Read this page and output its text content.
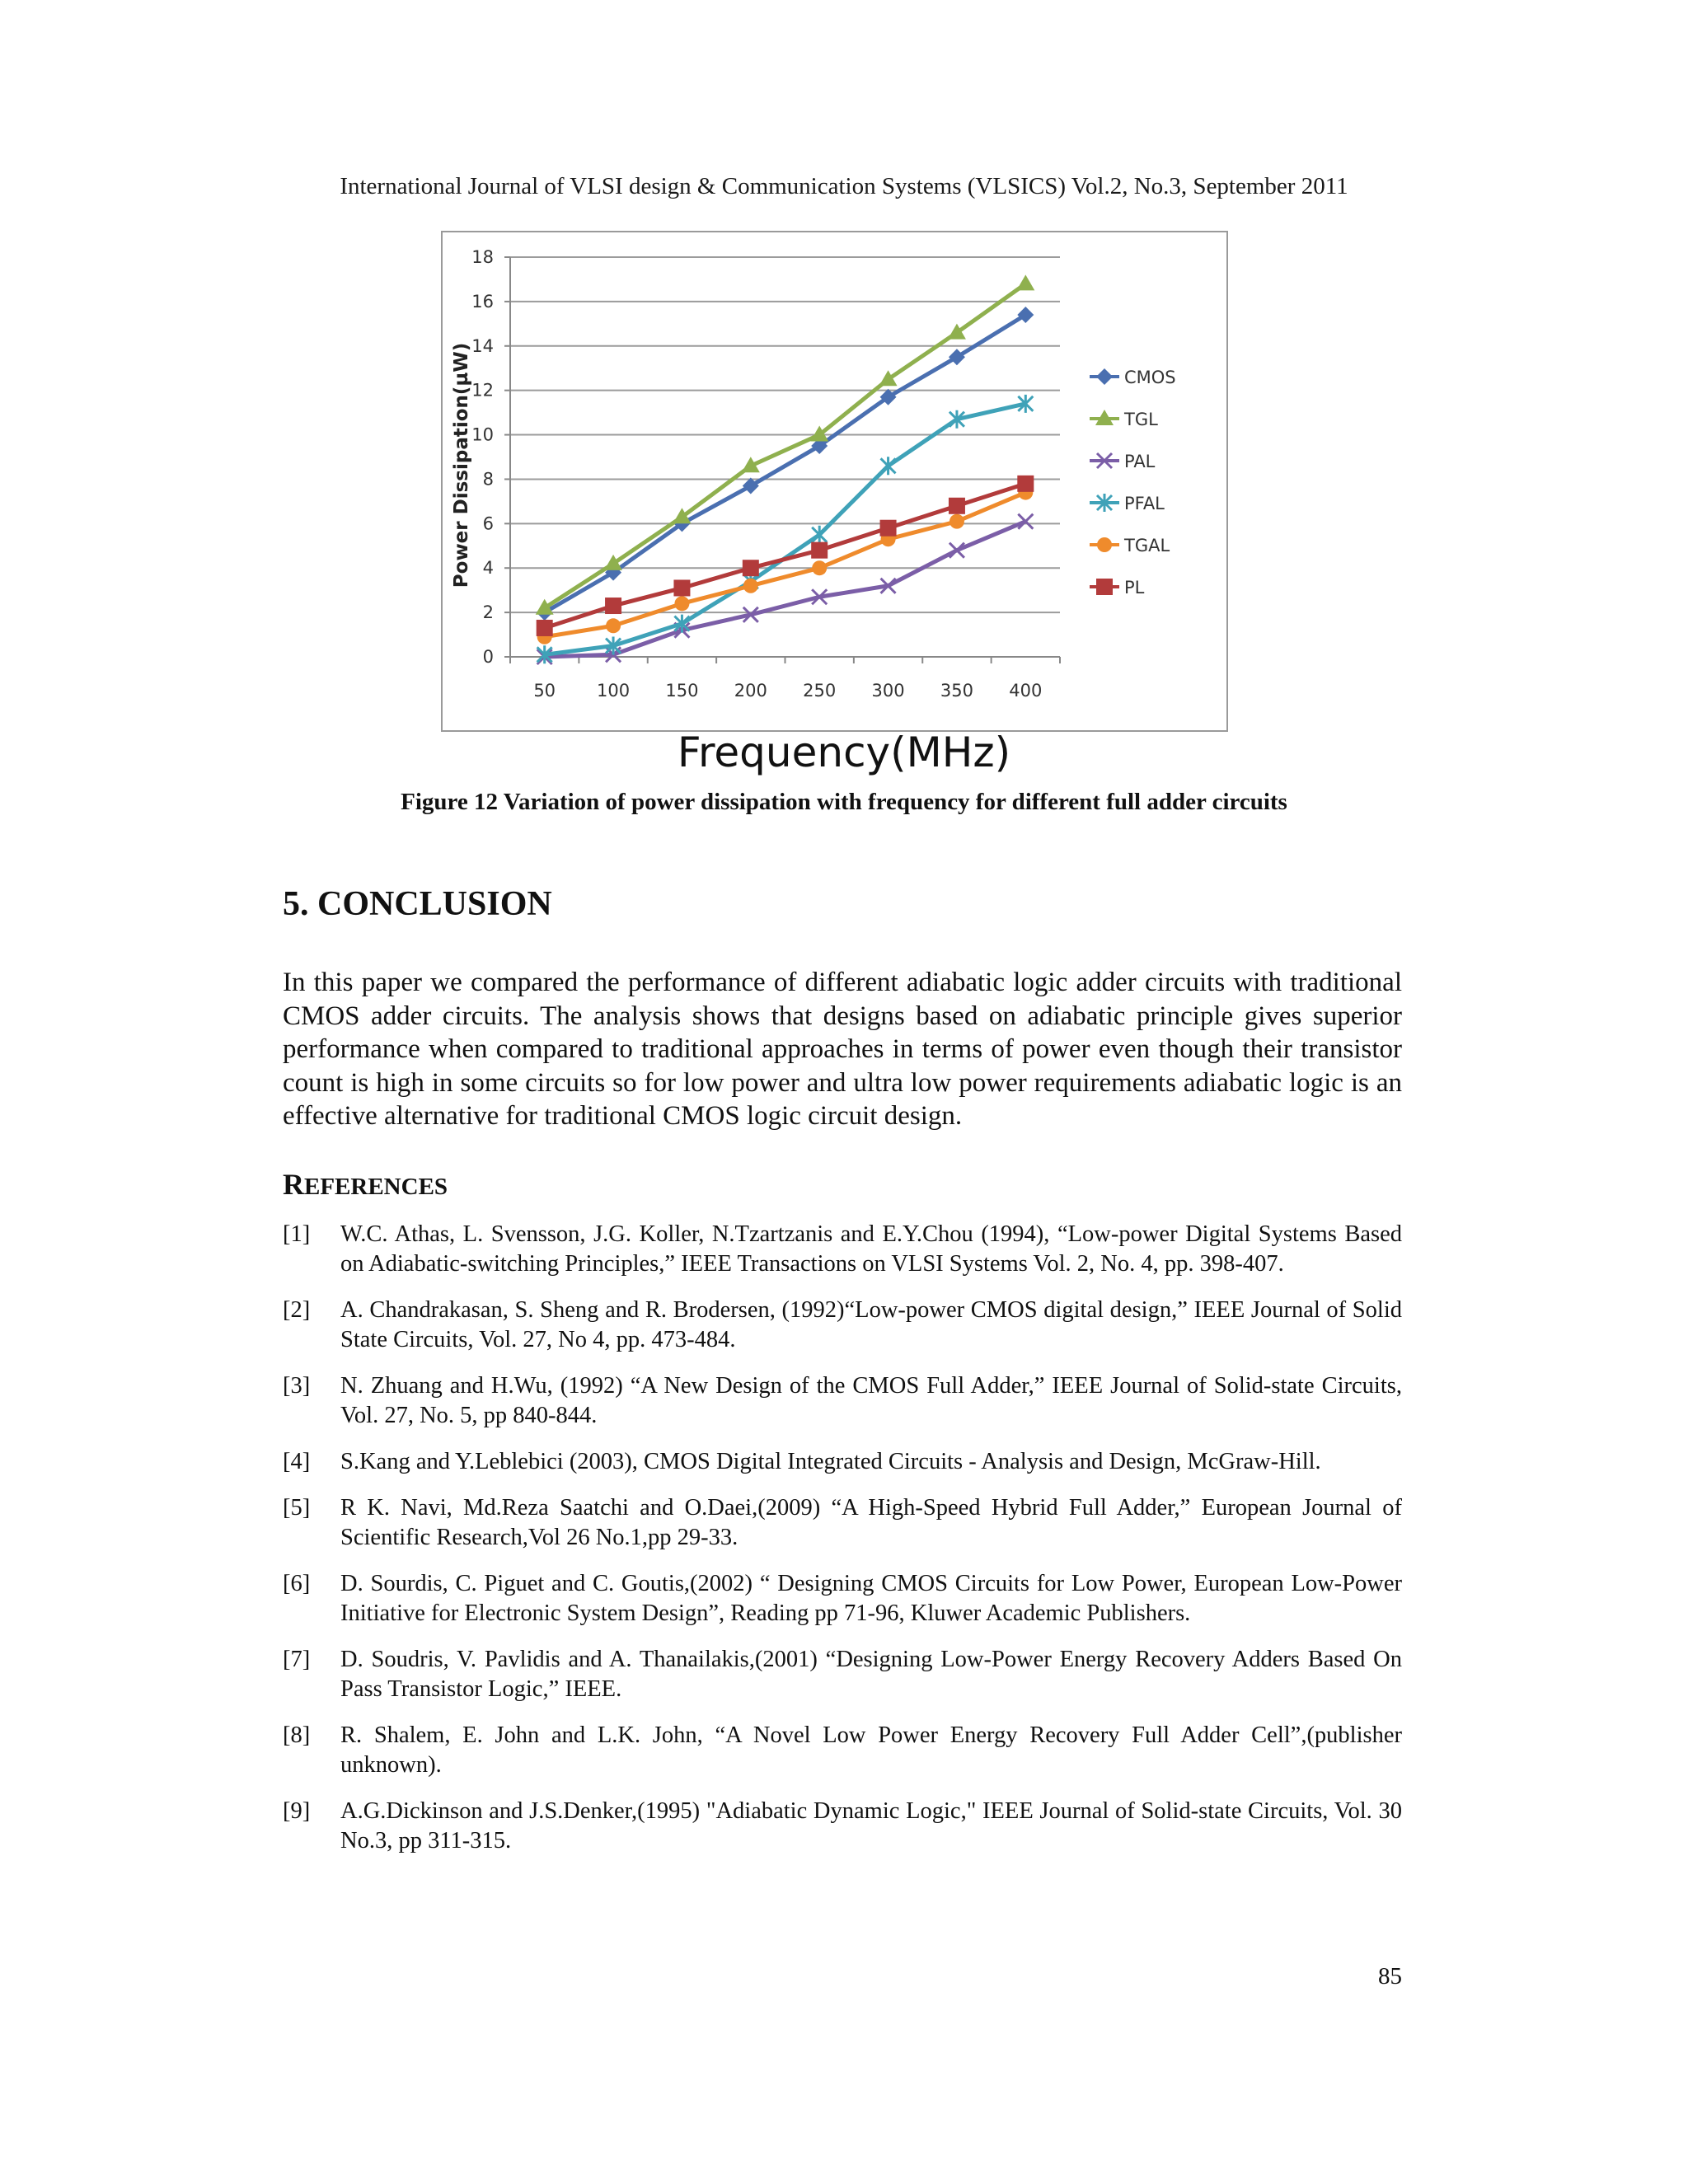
International Journal of VLSI design & Communication Systems (VLSICS) Vol.2, No.3, September 2011
0
2
4
6
8
10
12
14
16
18
50 100 150 200 250 300 350 400
CMOS
TGL
PAL
PFAL
TGAL
PL
Power Dissipation(µW)
Frequency(MHz)
Figure 12 Variation of power dissipation with frequency for different full adder circuits
5. CONCLUSION

In this paper we compared the performance of different adiabatic logic adder circuits with traditional CMOS adder circuits. The analysis shows that designs based on adiabatic principle gives superior performance when compared to traditional approaches in terms of power even though their transistor count is high in some circuits so for low power and ultra low power requirements adiabatic logic is an effective alternative for traditional CMOS logic circuit design.

REFERENCES
[1] W.C. Athas, L. Svensson, J.G. Koller, N.Tzartzanis and E.Y.Chou (1994), “Low-power Digital Systems Based on Adiabatic-switching Principles,” IEEE Transactions on VLSI Systems Vol. 2, No. 4, pp. 398-407.
[2] A. Chandrakasan, S. Sheng and R. Brodersen, (1992)“Low-power CMOS digital design,” IEEE Journal of Solid State Circuits, Vol. 27, No 4, pp. 473-484.
[3] N. Zhuang and H.Wu, (1992) “A New Design of the CMOS Full Adder,” IEEE Journal of Solid-state Circuits, Vol. 27, No. 5, pp 840-844.
[4] S.Kang and Y.Leblebici (2003), CMOS Digital Integrated Circuits - Analysis and Design, McGraw-Hill.
[5] R K. Navi, Md.Reza Saatchi and O.Daei,(2009) “A High-Speed Hybrid Full Adder,” European Journal of Scientific Research,Vol 26 No.1,pp 29-33.
[6] D. Sourdis, C. Piguet and C. Goutis,(2002) “ Designing CMOS Circuits for Low Power, European Low-Power Initiative for Electronic System Design”, Reading pp 71-96, Kluwer Academic Publishers.
[7] D. Soudris, V. Pavlidis and A. Thanailakis,(2001) “Designing Low-Power Energy Recovery Adders Based On Pass Transistor Logic,” IEEE.
[8] R. Shalem, E. John and L.K. John, “A Novel Low Power Energy Recovery Full Adder Cell”,(publisher unknown).
[9] A.G.Dickinson and J.S.Denker,(1995) "Adiabatic Dynamic Logic," IEEE Journal of Solid-state Circuits, Vol. 30 No.3, pp 311-315.
85
